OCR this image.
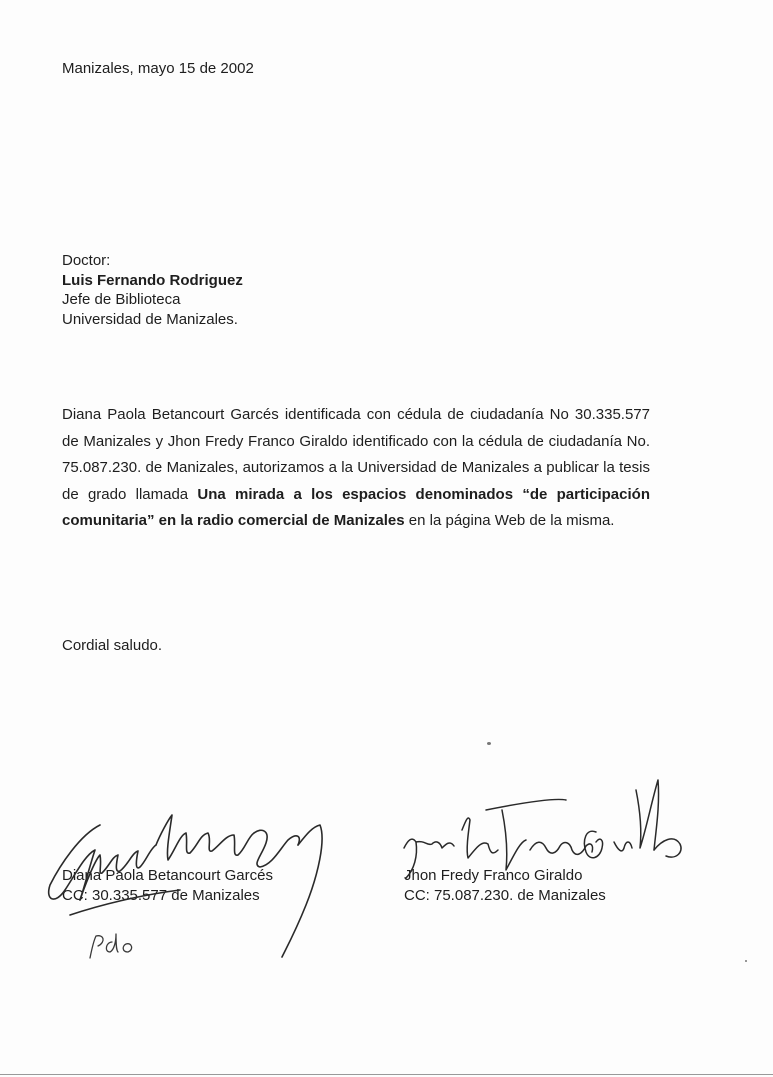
Manizales, mayo 15 de 2002
Doctor:
Luis Fernando Rodriguez
Jefe de Biblioteca
Universidad de Manizales.
Diana Paola Betancourt Garcés identificada con cédula de ciudadanía No 30.335.577 de Manizales y Jhon Fredy Franco Giraldo identificado con la cédula de ciudadanía No. 75.087.230. de Manizales, autorizamos a la Universidad de Manizales a publicar la tesis de grado llamada Una mirada a los espacios denominados “de participación comunitaria” en la radio comercial de Manizales en la página Web de la misma.
Cordial saludo.
Diana Paola Betancourt Garcés
CC: 30.335.577 de Manizales
Jhon Fredy Franco Giraldo
CC: 75.087.230. de Manizales
